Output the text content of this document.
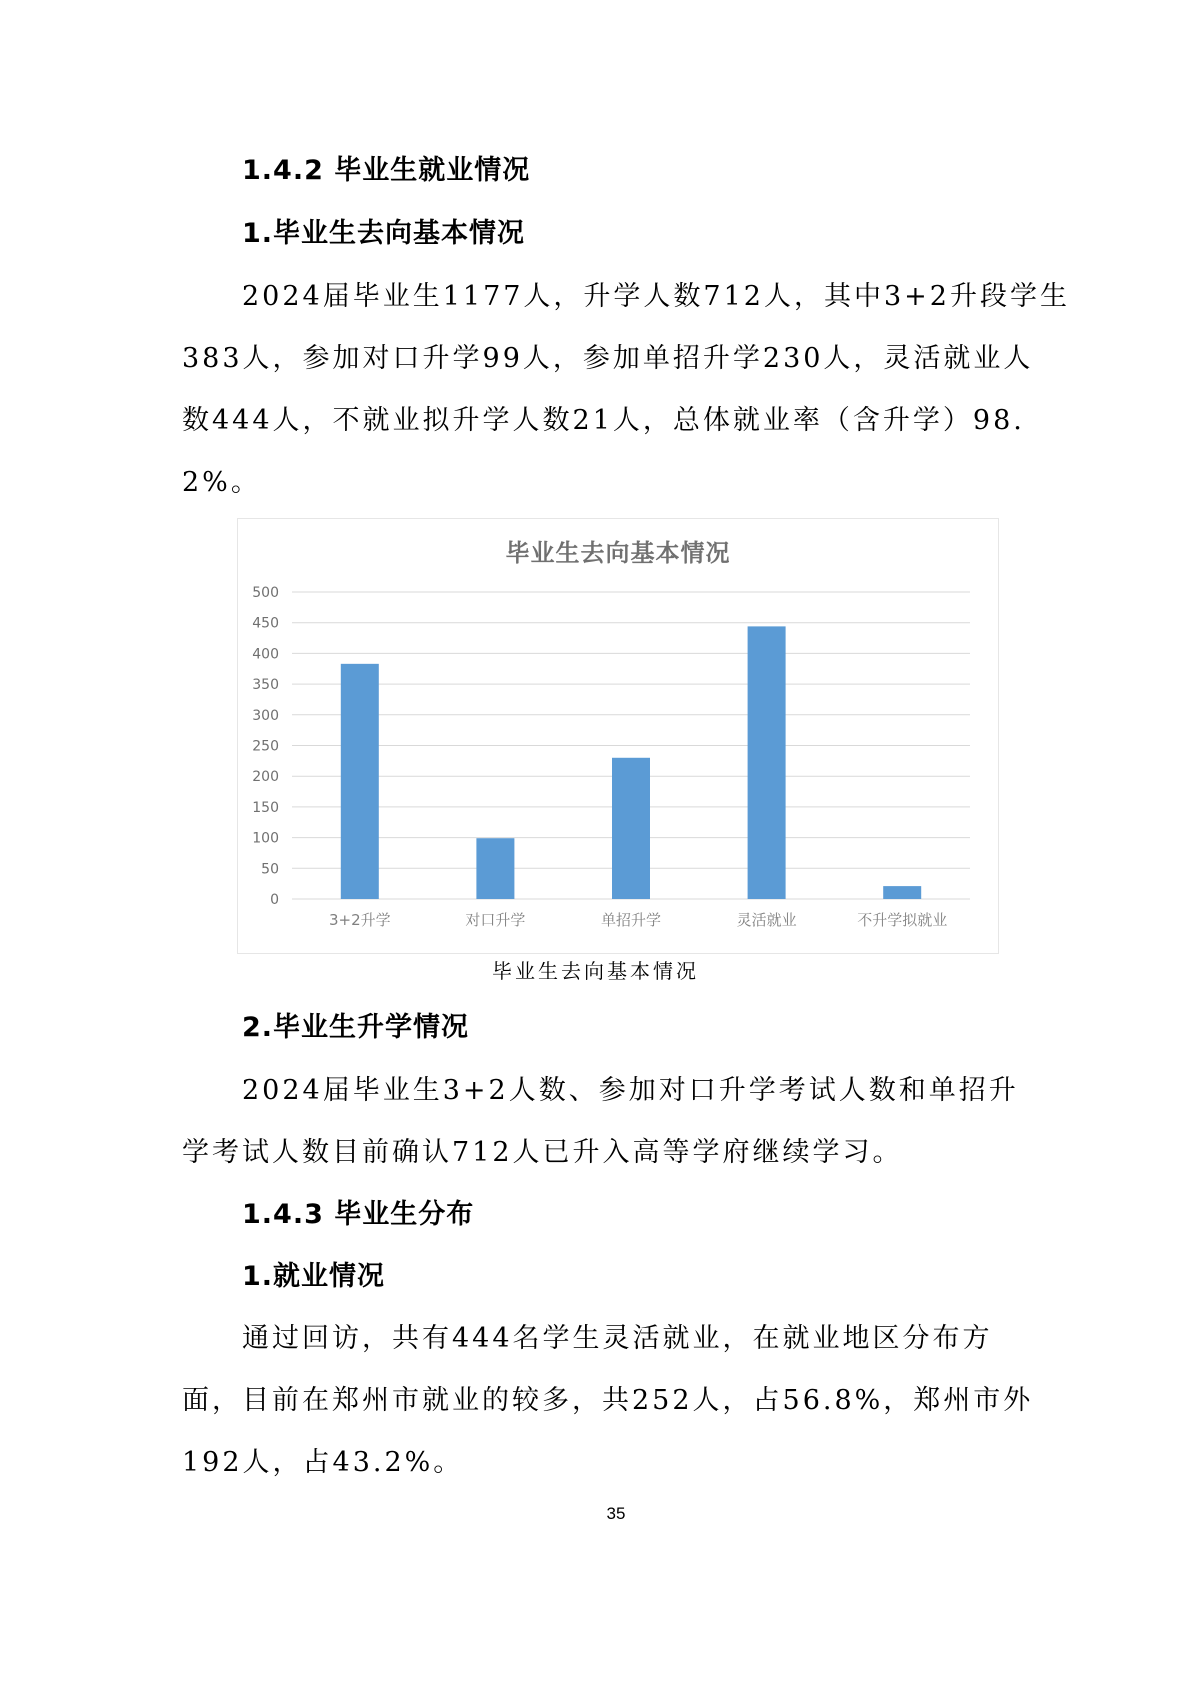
1.4.2 毕业生就业情况
1.毕业生去向基本情况
2024届毕业生1177人，升学人数712人，其中3+2升段学生
383人，参加对口升学99人，参加单招升学230人，灵活就业人
数444人，不就业拟升学人数21人，总体就业率（含升学）98.
2%。
毕业生去向基本情况
0
50
100
150
200
250
300
350
400
450
500
3+2升学	对口升学	单招升学	灵活就业	不升学拟就业
毕业生去向基本情况
2.毕业生升学情况
2024届毕业生3+2人数、参加对口升学考试人数和单招升
学考试人数目前确认712人已升入高等学府继续学习。
1.4.3 毕业生分布
1.就业情况
通过回访，共有444名学生灵活就业，在就业地区分布方
面，目前在郑州市就业的较多，共252人，占56.8%，郑州市外
192人，占43.2%。
35
